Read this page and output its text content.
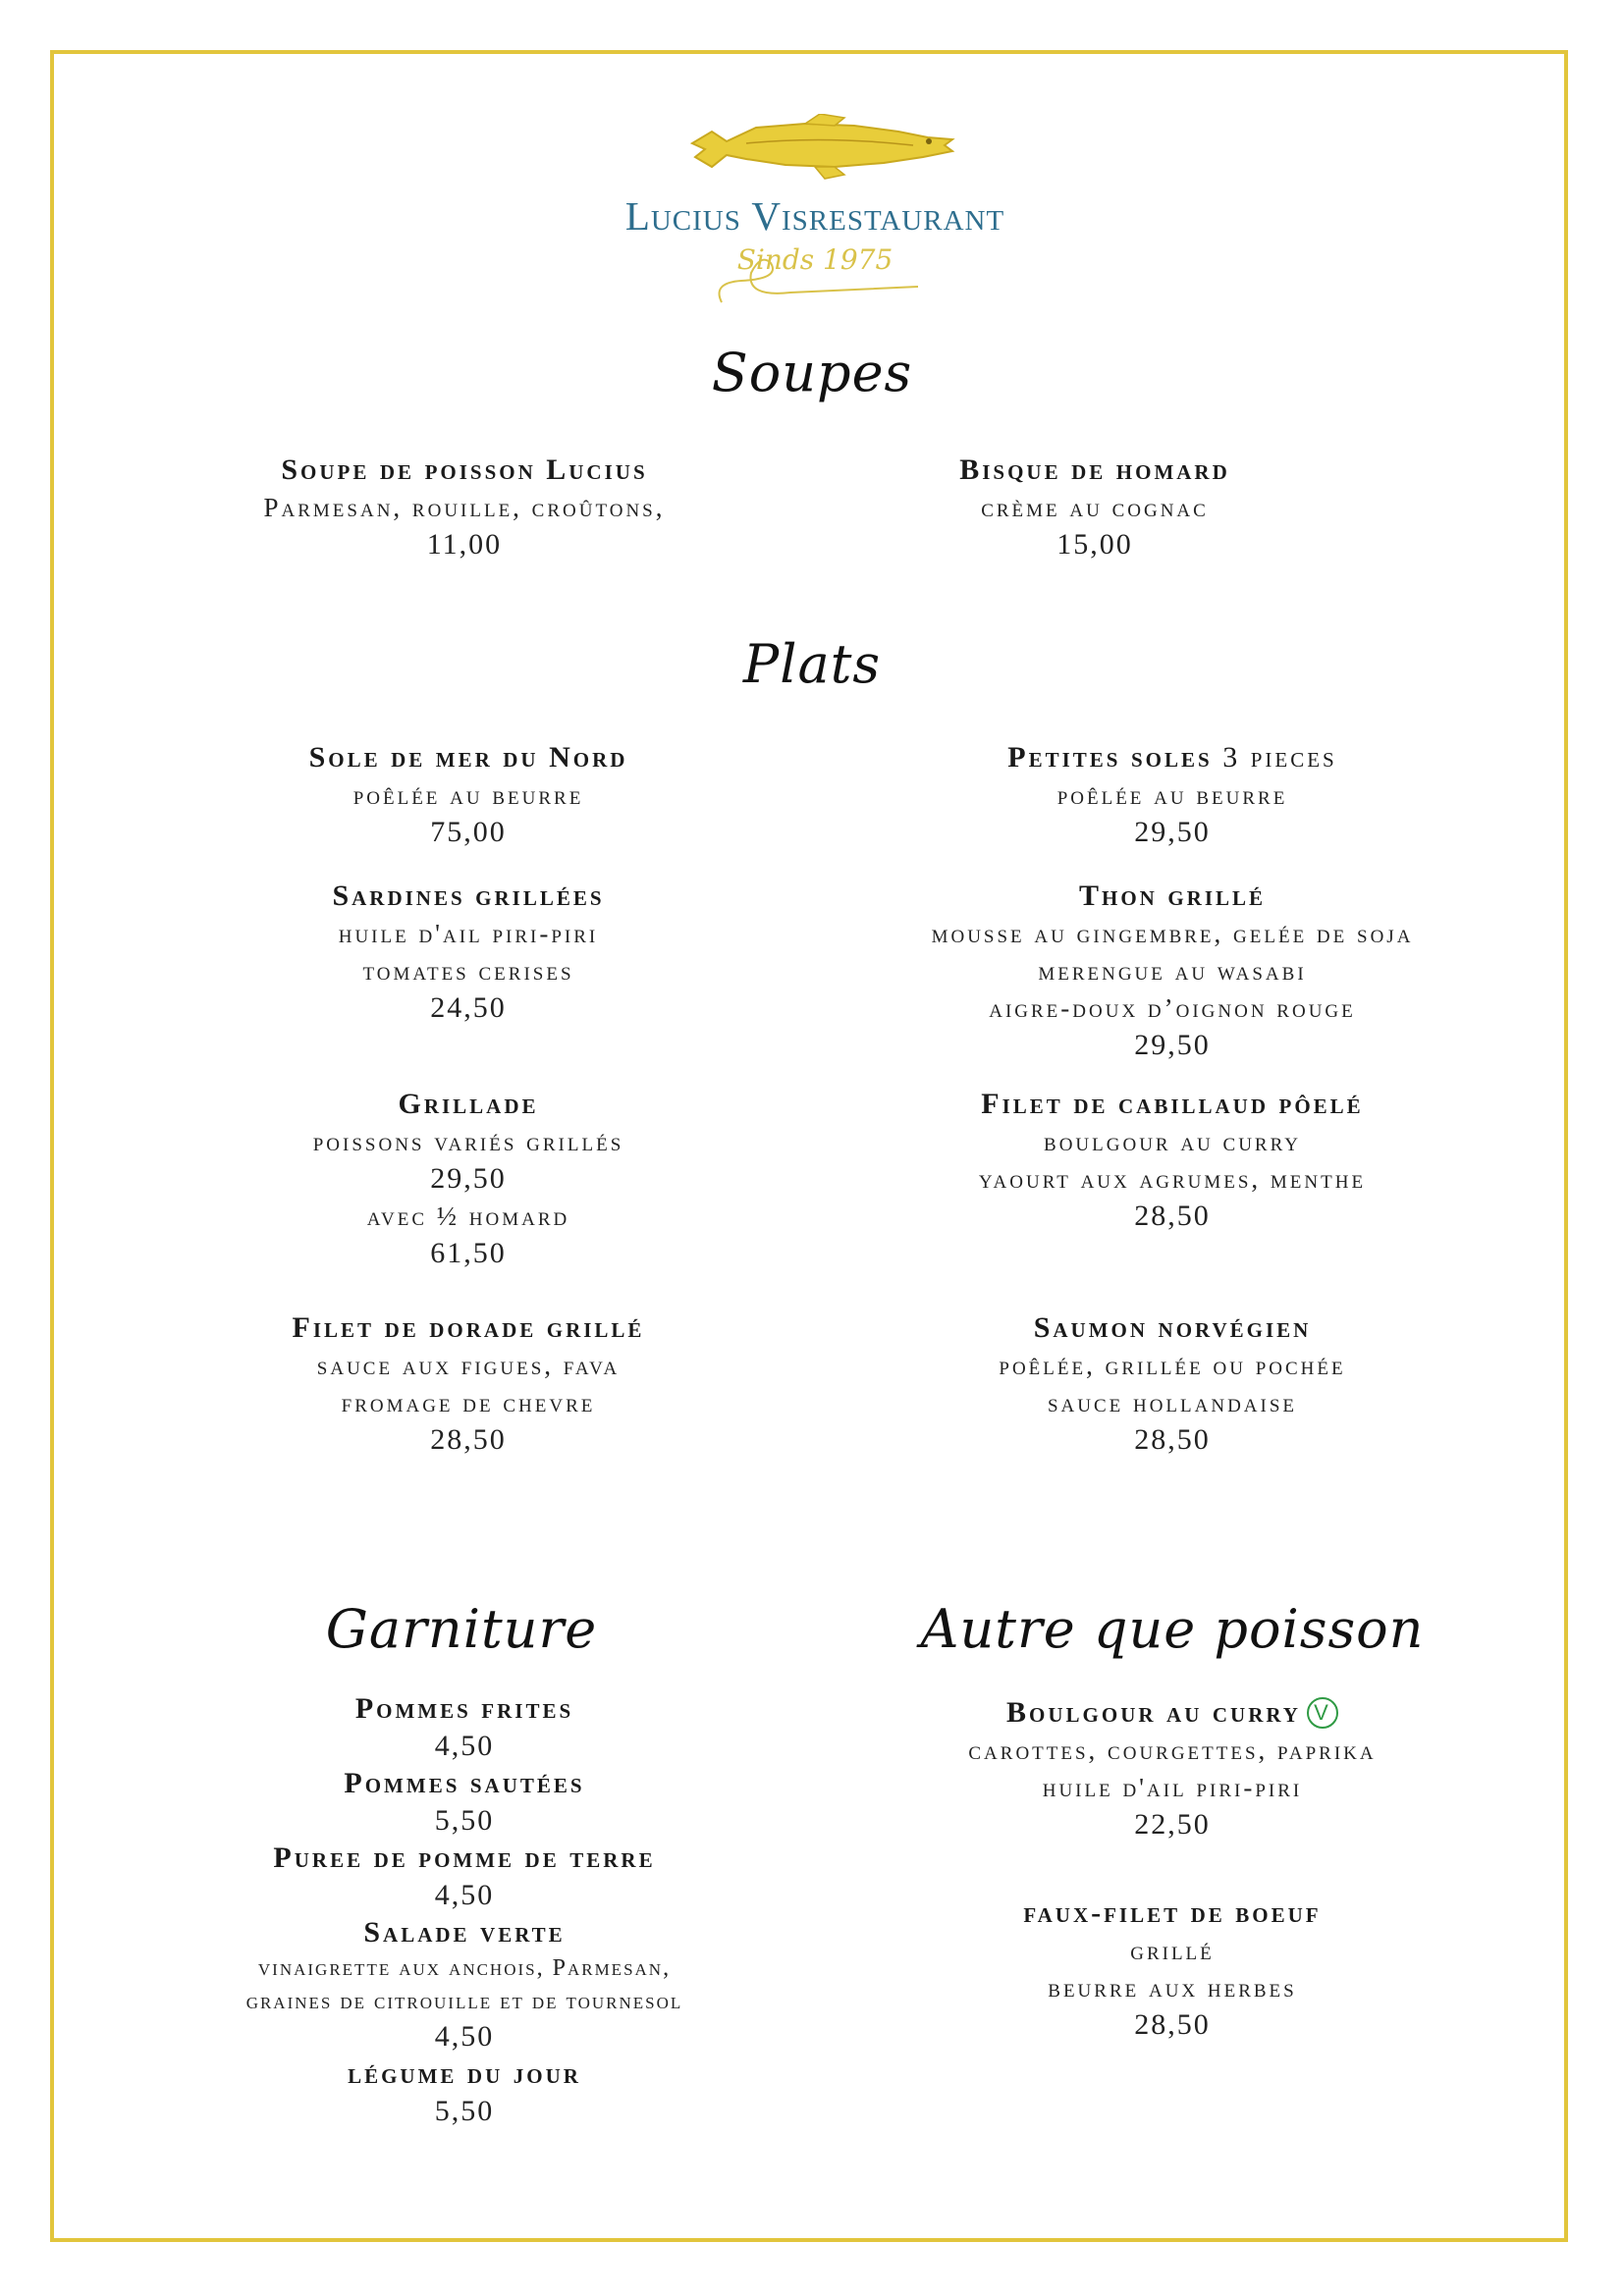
Lucius Visrestaurant
Sinds 1975
Soupes
Soupe de poisson Lucius
Parmesan, rouille, croûtons,
11,00
Bisque de homard
crème au cognac
15,00
Plats
Sole de mer du Nord
poêlée au beurre
75,00
Petites soles 3 pieces
poêlée au beurre
29,50
Sardines grillées
huile d'ail piri-piri
tomates cerises
24,50
Thon grillé
mousse au gingembre, gelée de soja
merengue au wasabi
aigre-doux d’oignon rouge
29,50
Grillade
poissons variés grillés
29,50
avec ½ homard
61,50
Filet de cabillaud pôelé
boulgour au curry
yaourt aux agrumes, menthe
28,50
Filet de dorade grillé
sauce aux figues, fava
fromage de chevre
28,50
Saumon norvégien
poêlée, grillée ou pochée
sauce hollandaise
28,50
Garniture
Pommes frites
4,50
Pommes sautées
5,50
Puree de pomme de terre
4,50
Salade verte
vinaigrette aux anchois, Parmesan,
graines de citrouille et de tournesol
4,50
légume du jour
5,50
Autre que poisson
Boulgour au curry V
carottes, courgettes, paprika
huile d'ail piri-piri
22,50
faux-filet de boeuf
grillé
beurre aux herbes
28,50
